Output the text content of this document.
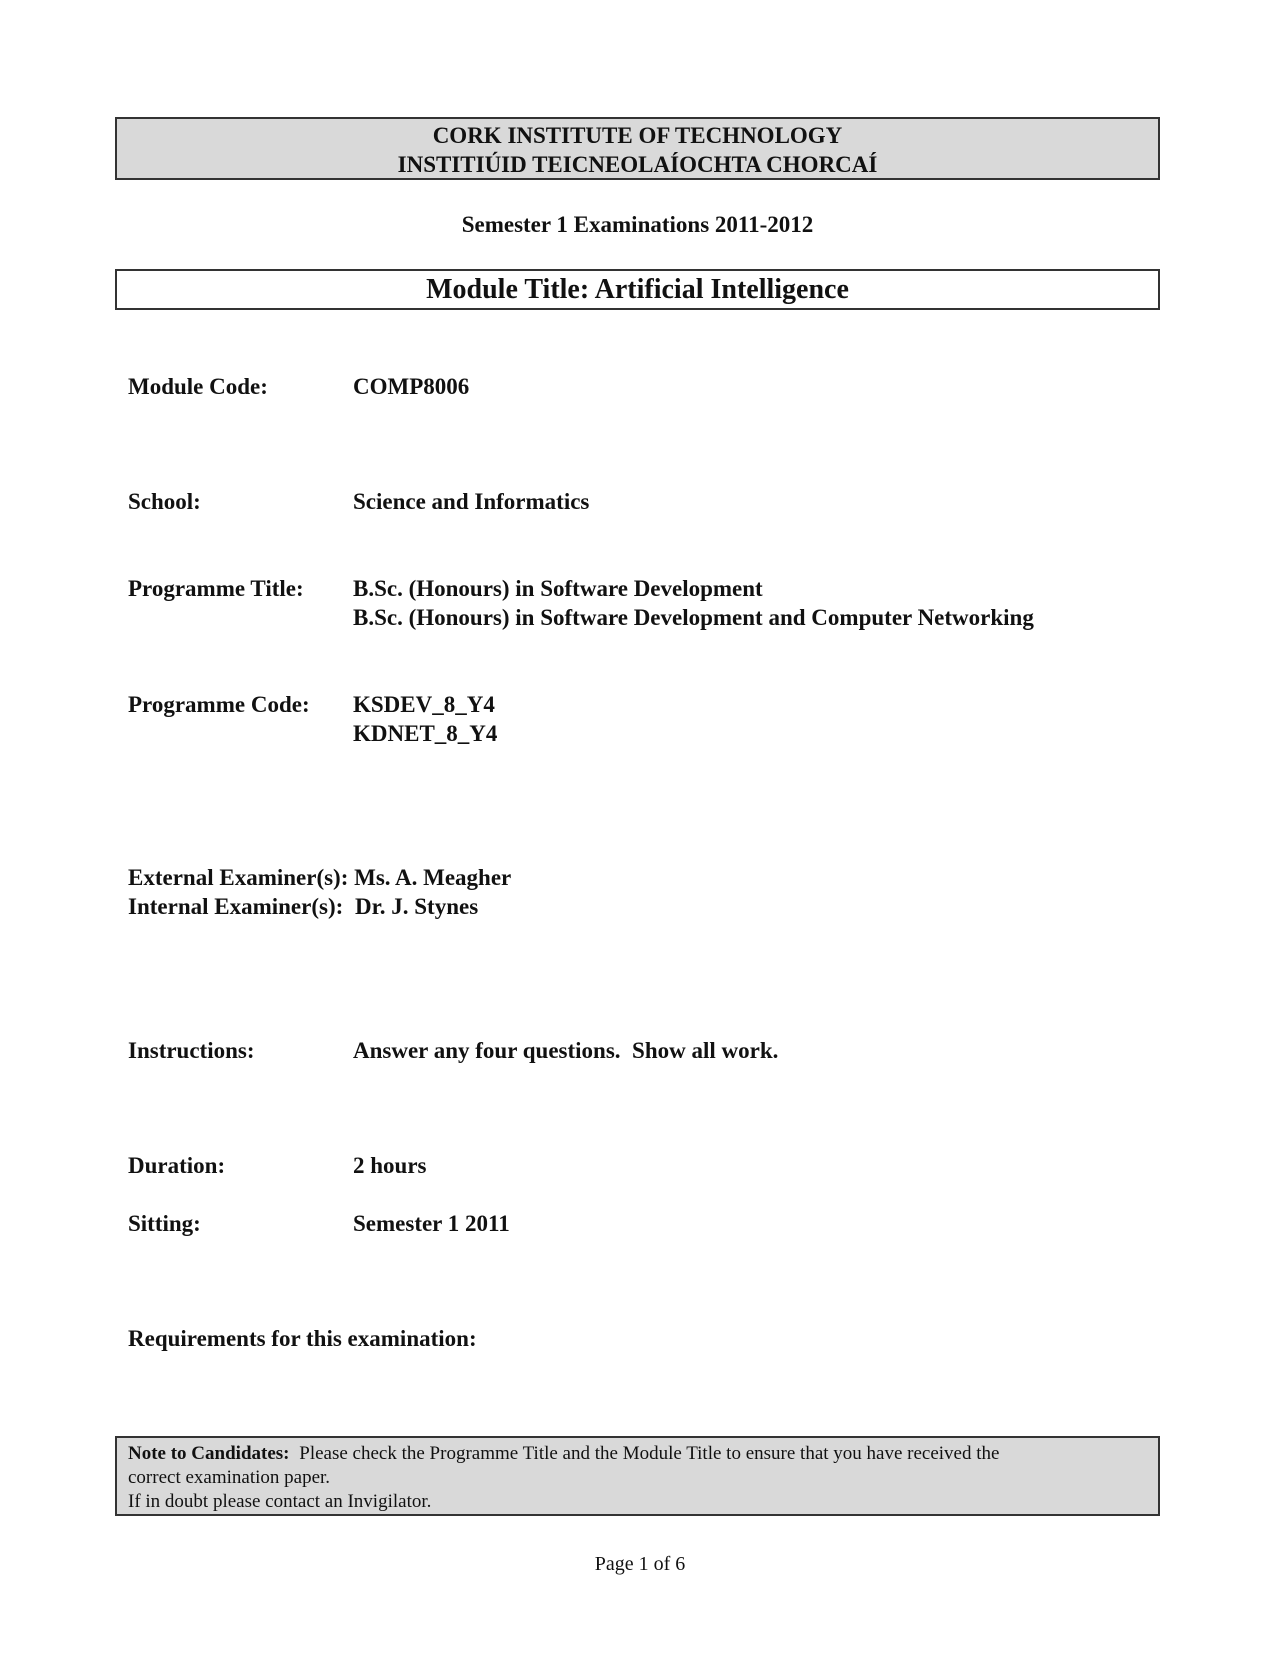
CORK INSTITUTE OF TECHNOLOGY
INSTITIÚID TEICNEOLAÍOCHTA CHORCAÍ
Semester 1 Examinations 2011-2012
Module Title: Artificial Intelligence
Module Code:	COMP8006
School:	Science and Informatics
Programme Title: B.Sc. (Honours) in Software Development
B.Sc. (Honours) in Software Development and Computer Networking
Programme Code: KSDEV_8_Y4
KDNET_8_Y4
External Examiner(s): Ms. A. Meagher
Internal Examiner(s): Dr. J. Stynes
Instructions:	Answer any four questions.  Show all work.
Duration:	2 hours
Sitting:	Semester 1 2011
Requirements for this examination:
Note to Candidates: Please check the Programme Title and the Module Title to ensure that you have received the
correct examination paper.
If in doubt please contact an Invigilator.
Page 1 of 6
